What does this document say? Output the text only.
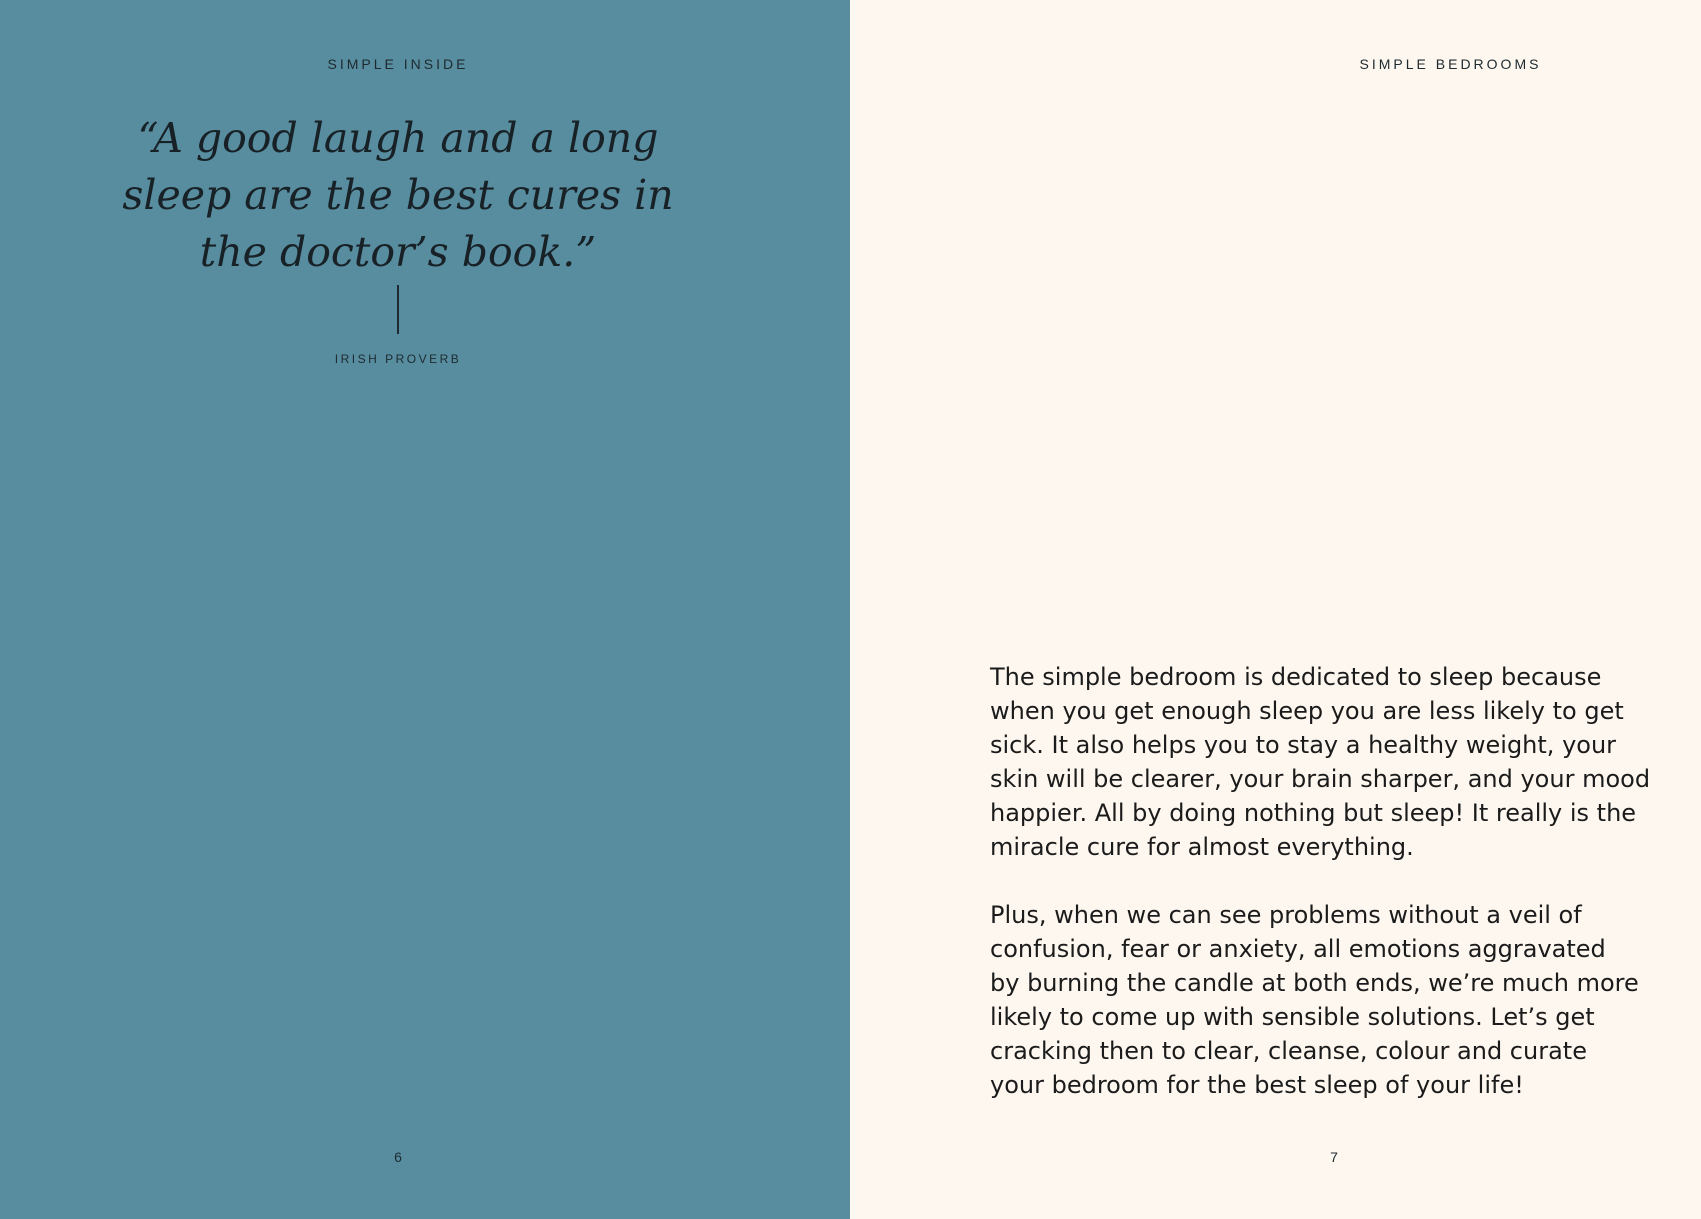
SIMPLE INSIDE

“A good laugh and a long
sleep are the best cures in
the doctor’s book.”

IRISH PROVERB
6
SIMPLE BEDROOMS

The simple bedroom is dedicated to sleep because
when you get enough sleep you are less likely to get
sick. It also helps you to stay a healthy weight, your
skin will be clearer, your brain sharper, and your mood
happier. All by doing nothing but sleep! It really is the
miracle cure for almost everything.

Plus, when we can see problems without a veil of
confusion, fear or anxiety, all emotions aggravated
by burning the candle at both ends, we’re much more
likely to come up with sensible solutions. Let’s get
cracking then to clear, cleanse, colour and curate
your bedroom for the best sleep of your life!

7
